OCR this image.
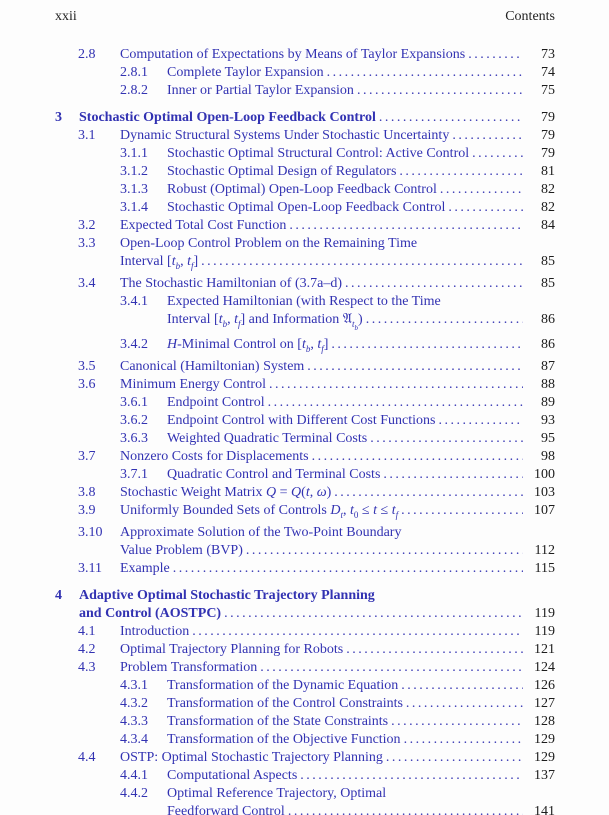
xxii	Contents
2.8	Computation of Expectations by Means of Taylor Expansions .....	73
2.8.1	Complete Taylor Expansion .....	74
2.8.2	Inner or Partial Taylor Expansion .....	75
3	Stochastic Optimal Open-Loop Feedback Control .....	79
3.1	Dynamic Structural Systems Under Stochastic Uncertainty .....	79
3.1.1	Stochastic Optimal Structural Control: Active Control .....	79
3.1.2	Stochastic Optimal Design of Regulators .....	81
3.1.3	Robust (Optimal) Open-Loop Feedback Control .....	82
3.1.4	Stochastic Optimal Open-Loop Feedback Control .....	82
3.2	Expected Total Cost Function .....	84
3.3	Open-Loop Control Problem on the Remaining Time
Interval [$t_b$, $t_f$] .....	85
3.4	The Stochastic Hamiltonian of (3.7a–d) .....	85
3.4.1	Expected Hamiltonian (with Respect to the Time
Interval [$t_b$, $t_f$] and Information 𝔄$_{t_b}$) .....	86
3.4.2	H-Minimal Control on [$t_b$, $t_f$] .....	86
3.5	Canonical (Hamiltonian) System .....	87
3.6	Minimum Energy Control .....	88
3.6.1	Endpoint Control .....	89
3.6.2	Endpoint Control with Different Cost Functions .....	93
3.6.3	Weighted Quadratic Terminal Costs .....	95
3.7	Nonzero Costs for Displacements .....	98
3.7.1	Quadratic Control and Terminal Costs .....	100
3.8	Stochastic Weight Matrix Q = Q(t, ω) .....	103
3.9	Uniformly Bounded Sets of Controls $D_t$, $t_0 \le t \le t_f$ .....	107
3.10	Approximate Solution of the Two-Point Boundary
Value Problem (BVP) .....	112
3.11	Example .....	115
4	Adaptive Optimal Stochastic Trajectory Planning
and Control (AOSTPC) .....	119
4.1	Introduction .....	119
4.2	Optimal Trajectory Planning for Robots .....	121
4.3	Problem Transformation .....	124
4.3.1	Transformation of the Dynamic Equation .....	126
4.3.2	Transformation of the Control Constraints .....	127
4.3.3	Transformation of the State Constraints .....	128
4.3.4	Transformation of the Objective Function .....	129
4.4	OSTP: Optimal Stochastic Trajectory Planning .....	129
4.4.1	Computational Aspects .....	137
4.4.2	Optimal Reference Trajectory, Optimal
Feedforward Control .....	141
